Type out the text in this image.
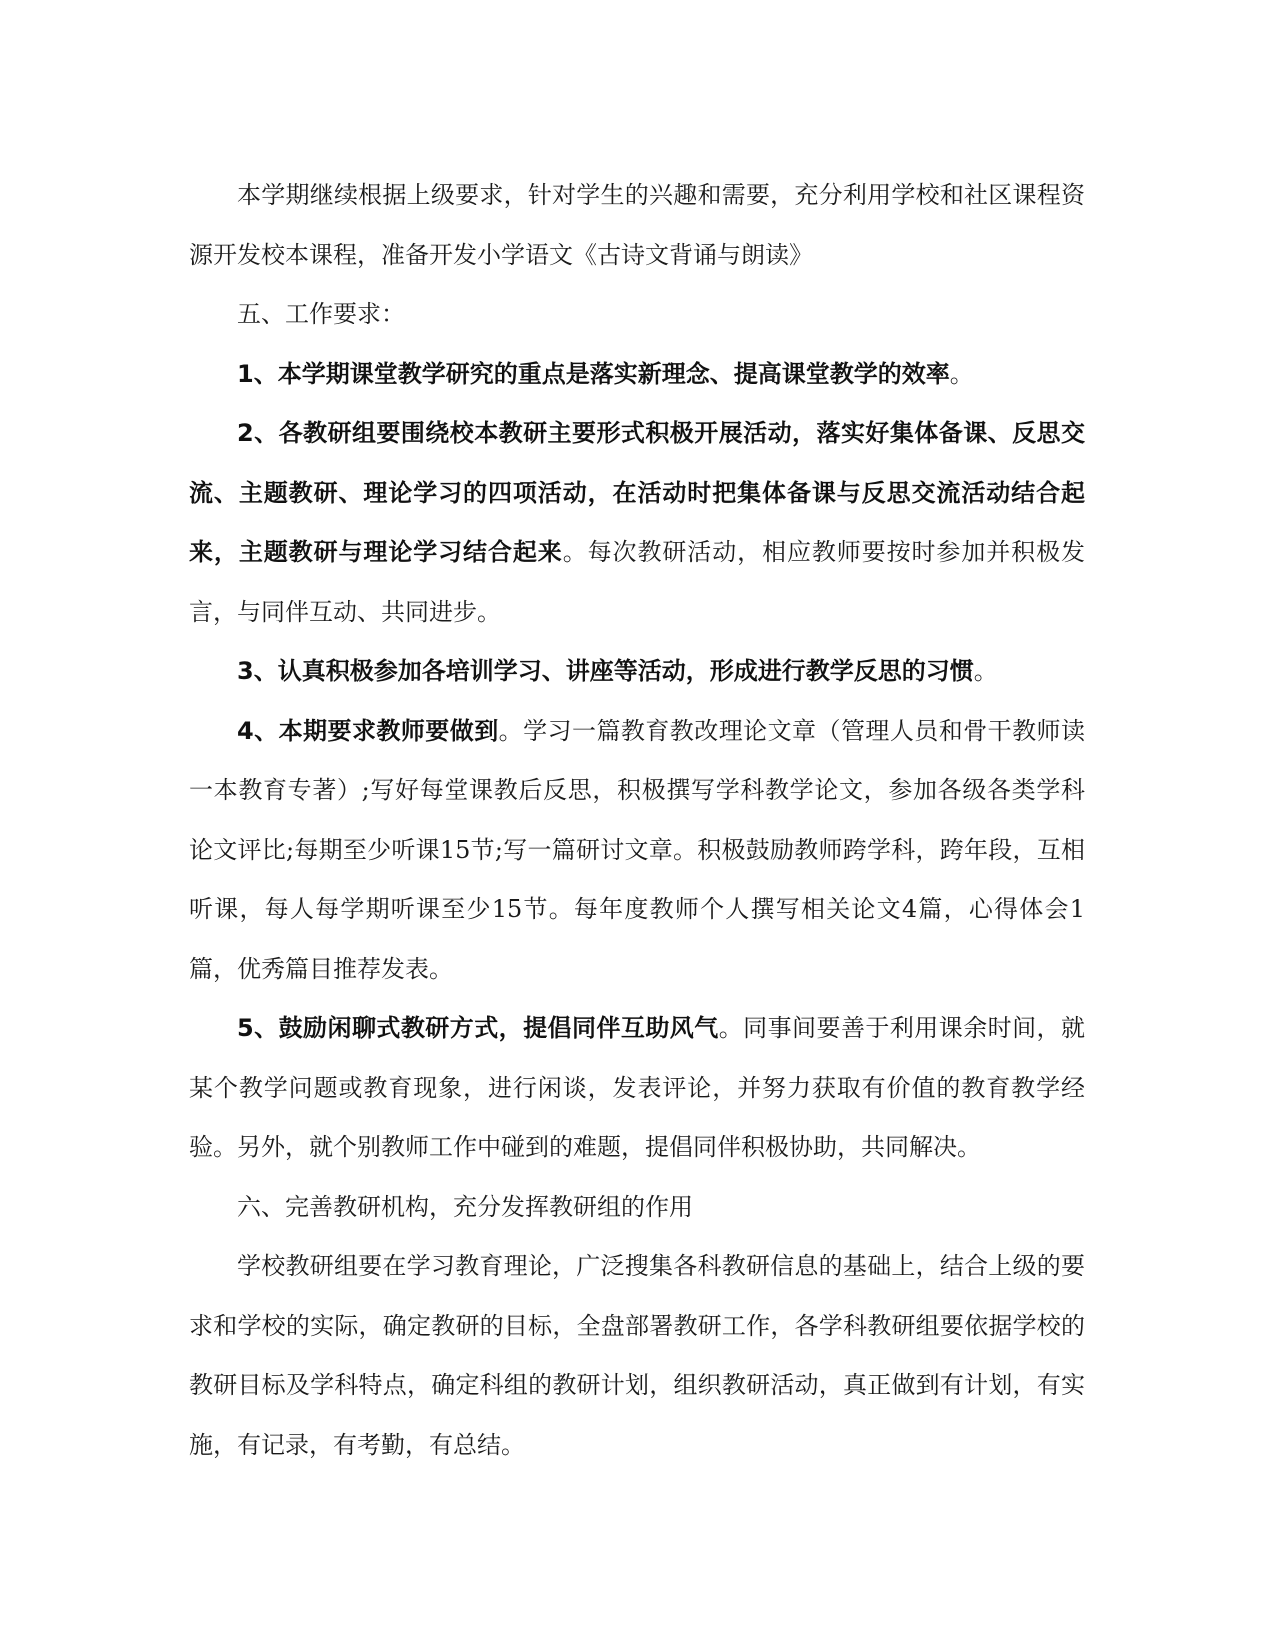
本学期继续根据上级要求，针对学生的兴趣和需要，充分利用学校和社区课程资源开发校本课程，准备开发小学语文《古诗文背诵与朗读》

五、工作要求：

1、本学期课堂教学研究的重点是落实新理念、提高课堂教学的效率。

2、各教研组要围绕校本教研主要形式积极开展活动，落实好集体备课、反思交流、主题教研、理论学习的四项活动，在活动时把集体备课与反思交流活动结合起来，主题教研与理论学习结合起来。每次教研活动，相应教师要按时参加并积极发言，与同伴互动、共同进步。

3、认真积极参加各培训学习、讲座等活动，形成进行教学反思的习惯。

4、本期要求教师要做到。学习一篇教育教改理论文章（管理人员和骨干教师读一本教育专著）;写好每堂课教后反思，积极撰写学科教学论文，参加各级各类学科论文评比;每期至少听课15节;写一篇研讨文章。积极鼓励教师跨学科，跨年段，互相听课，每人每学期听课至少15节。每年度教师个人撰写相关论文4篇，心得体会1篇，优秀篇目推荐发表。

5、鼓励闲聊式教研方式，提倡同伴互助风气。同事间要善于利用课余时间，就某个教学问题或教育现象，进行闲谈，发表评论，并努力获取有价值的教育教学经验。另外，就个别教师工作中碰到的难题，提倡同伴积极协助，共同解决。

六、完善教研机构，充分发挥教研组的作用

学校教研组要在学习教育理论，广泛搜集各科教研信息的基础上，结合上级的要求和学校的实际，确定教研的目标，全盘部署教研工作，各学科教研组要依据学校的教研目标及学科特点，确定科组的教研计划，组织教研活动，真正做到有计划，有实施，有记录，有考勤，有总结。
